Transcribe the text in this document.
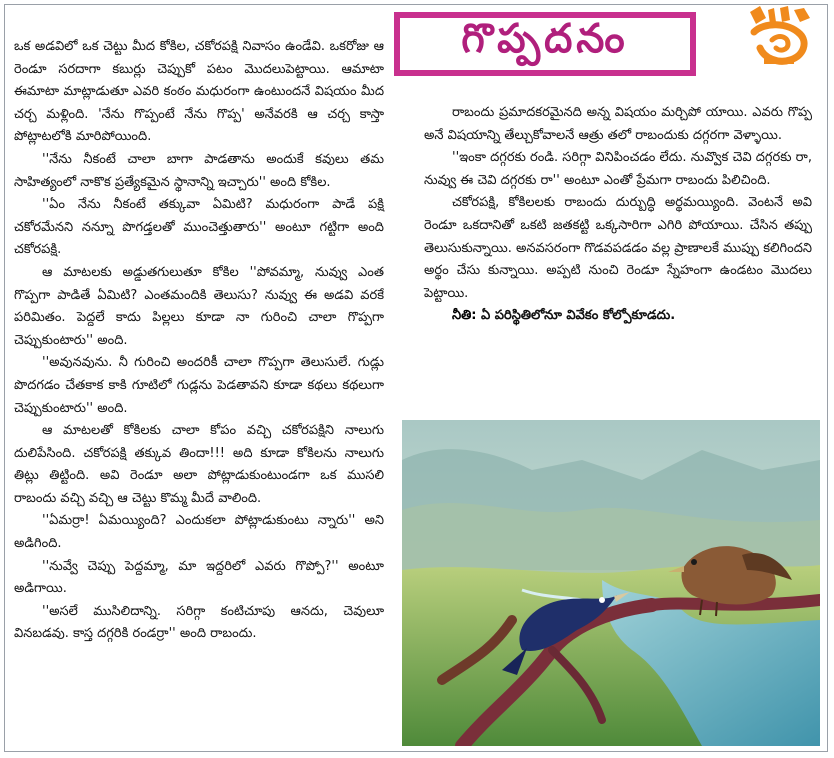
గొప్పదనం

ఒక అడవిలో ఒక చెట్టు మీద కోకిల, చకోరపక్షి నివాసం ఉండేవి. ఒకరోజు ఆ రెండూ సరదాగా కబుర్లు చెప్పుకో పటం మొదలుపెట్టాయి. ఆమాటా ఈమాటా మాట్లాడుతూ ఎవరి కంఠం మధురంగా ఉంటుందనే విషయం మీద చర్చ మళ్లింది. 'నేను గొప్పంటే నేను గొప్ప' అనేవరకి ఆ చర్చ కాస్తా పోట్లాటలోకి మారిపోయింది.

''నేను నీకంటే చాలా బాగా పాడతాను అందుకే కవులు తమ సాహిత్యంలో నాకొక ప్రత్యేకమైన స్థానాన్ని ఇచ్చారు'' అంది కోకిల.

''ఏం నేను నీకంటే తక్కువా ఏమిటి? మధురంగా పాడే పక్షి చకోరమేనని నన్నూ పొగడ్తలతో ముంచెత్తుతారు'' అంటూ గట్టిగా అంది చకోరపక్షి.

ఆ మాటలకు అడ్డుతగులుతూ కోకిల ''పోవమ్మా, నువ్వు ఎంత గొప్పగా పాడితే ఏమిటి? ఎంతమందికి తెలుసు? నువ్వు ఈ అడవి వరకే పరిమితం. పెద్దలే కాదు పిల్లలు కూడా నా గురించి చాలా గొప్పగా చెప్పుకుంటారు'' అంది.

''అవునవును. నీ గురించి అందరికీ చాలా గొప్పగా తెలుసులే. గుడ్లు పొదగడం చేతకాక కాకి గూటిలో గుడ్లను పెడతావని కూడా కథలు కథలుగా చెప్పుకుంటారు'' అంది.

ఆ మాటలతో కోకిలకు చాలా కోపం వచ్చి చకోరపక్షిని నాలుగు దులిపేసింది. చకోరపక్షి తక్కువ తిందా!!! అది కూడా కోకిలను నాలుగు తిట్లు తిట్టింది. అవి రెండూ అలా పోట్లాడుకుంటుండగా ఒక ముసలి రాబందు వచ్చి వచ్చి ఆ చెట్టు కొమ్మ మీదే వాలింది.

''ఏమర్రా! ఏమయ్యింది? ఎందుకలా పోట్లాడుకుంటు న్నారు'' అని అడిగింది.

''నువ్వే చెప్పు పెద్దమ్మా, మా ఇద్దరిలో ఎవరు గొప్పో?'' అంటూ అడిగాయి.

''అసలే ముసిలిదాన్ని. సరిగ్గా కంటిచూపు ఆనదు, చెవులూ వినబడవు. కాస్త దగ్గరికి రండర్రా'' అంది రాబందు.

రాబందు ప్రమాదకరమైనది అన్న విషయం మర్చిపో యాయి. ఎవరు గొప్ప అనే విషయాన్ని తేల్చుకోవాలనే ఆత్రు తలో రాబందుకు దగ్గరగా వెళ్ళాయి.

''ఇంకా దగ్గరకు రండి. సరిగ్గా వినిపించడం లేదు. నువ్వొక చెవి దగ్గరకు రా, నువ్వు ఈ చెవి దగ్గరకు రా'' అంటూ ఎంతో ప్రేమగా రాబందు పిలిచింది.

చకోరపక్షి, కోకిలలకు రాబందు దుర్బుద్ధి అర్థమయ్యింది. వెంటనే అవి రెండూ ఒకదానితో ఒకటి జతకట్టి ఒక్కసారిగా ఎగిరి పోయాయి. చేసిన తప్పు తెలుసుకున్నాయి. అనవసరంగా గొడవపడడం వల్ల ప్రాణాలకే ముప్పు కలిగిందని అర్థం చేసు కున్నాయి. అప్పటి నుంచి రెండూ స్నేహంగా ఉండటం మొదలు పెట్టాయి.

నీతి: ఏ పరిస్థితిలోనూ వివేకం కోల్పోకూడదు.
